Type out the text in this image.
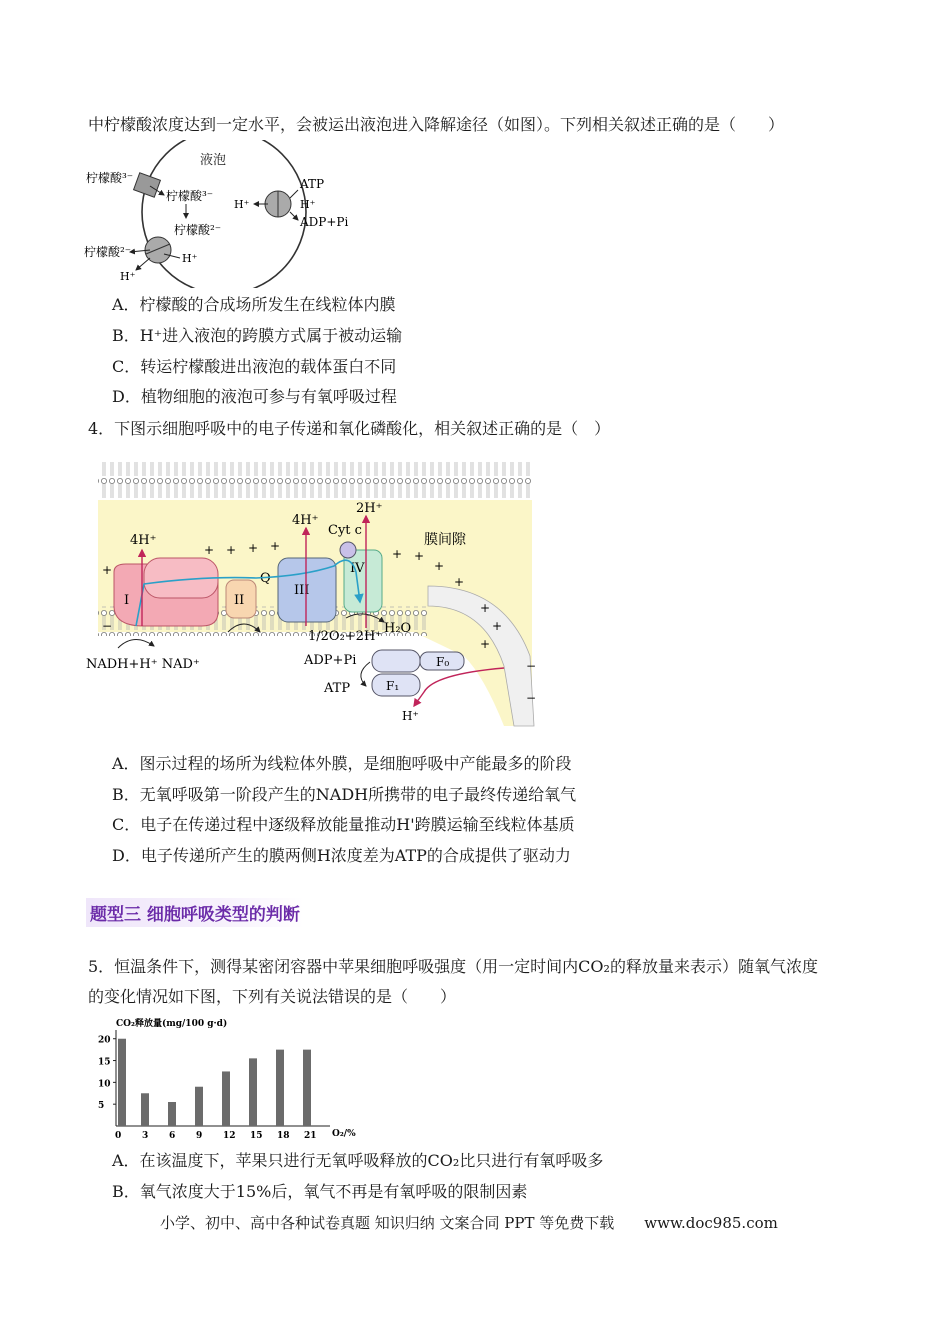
中柠檬酸浓度达到一定水平，会被运出液泡进入降解途径（如图）。下列相关叙述正确的是（　　）
液泡
柠檬酸³⁻
柠檬酸³⁻
柠檬酸²⁻
柠檬酸²⁻	H⁺
H⁺
ATP
H⁺
H⁺
ADP+Pi
A．柠檬酸的合成场所发生在线粒体内膜
B．H⁺进入液泡的跨膜方式属于被动运输
C．转运柠檬酸进出液泡的载体蛋白不同
D．植物细胞的液泡可参与有氧呼吸过程
4．下图示细胞呼吸中的电子传递和氧化磷酸化，相关叙述正确的是（　）
膜间隙
+
+ + + +
+ +
+
+
+
+
+
−
−
−
I	II
III
IV
Cyt c
Q
4H⁺
4H⁺
2H⁺
NADH+H⁺ NAD⁺
1/2O₂+2H⁺
H₂O
F₀
F₁
H⁺
ADP+Pi
ATP
A．图示过程的场所为线粒体外膜，是细胞呼吸中产能最多的阶段
B．无氧呼吸第一阶段产生的NADH所携带的电子最终传递给氧气
C．电子在传递过程中逐级释放能量推动H'跨膜运输至线粒体基质
D．电子传递所产生的膜两侧H浓度差为ATP的合成提供了驱动力
题型三 细胞呼吸类型的判断
5．恒温条件下，测得某密闭容器中苹果细胞呼吸强度（用一定时间内CO₂的释放量来表示）随氧气浓度
的变化情况如下图，下列有关说法错误的是（　　）
CO₂释放量(mg/100 g·d)
O₂/%
20
15
10
5
0 3 6 9 12 15 18 21
A．在该温度下，苹果只进行无氧呼吸释放的CO₂比只进行有氧呼吸多
B．氧气浓度大于15%后，氧气不再是有氧呼吸的限制因素
小学、初中、高中各种试卷真题 知识归纳 文案合同 PPT 等免费下载 www.doc985.com
